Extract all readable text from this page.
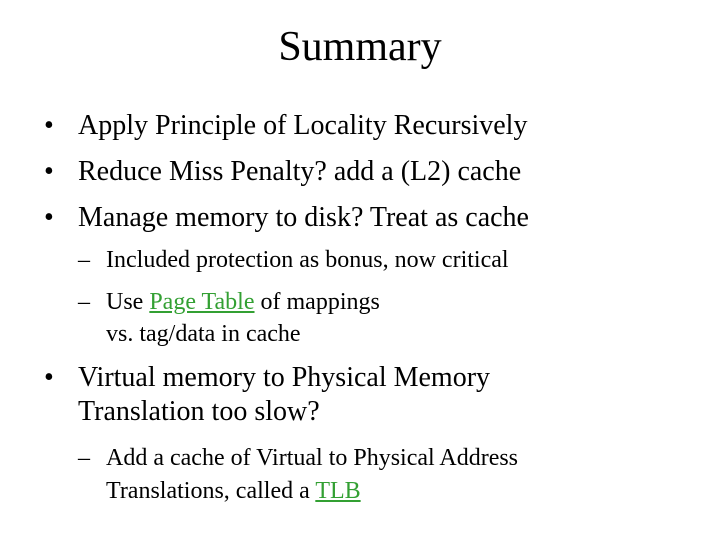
Summary
• Apply Principle of Locality Recursively
• Reduce Miss Penalty? add a (L2) cache
• Manage memory to disk? Treat as cache
– Included protection as bonus, now critical
– Use Page Table of mappings
vs. tag/data in cache
• Virtual memory to Physical Memory
Translation too slow?
– Add a cache of Virtual to Physical Address
Translations, called a TLB
